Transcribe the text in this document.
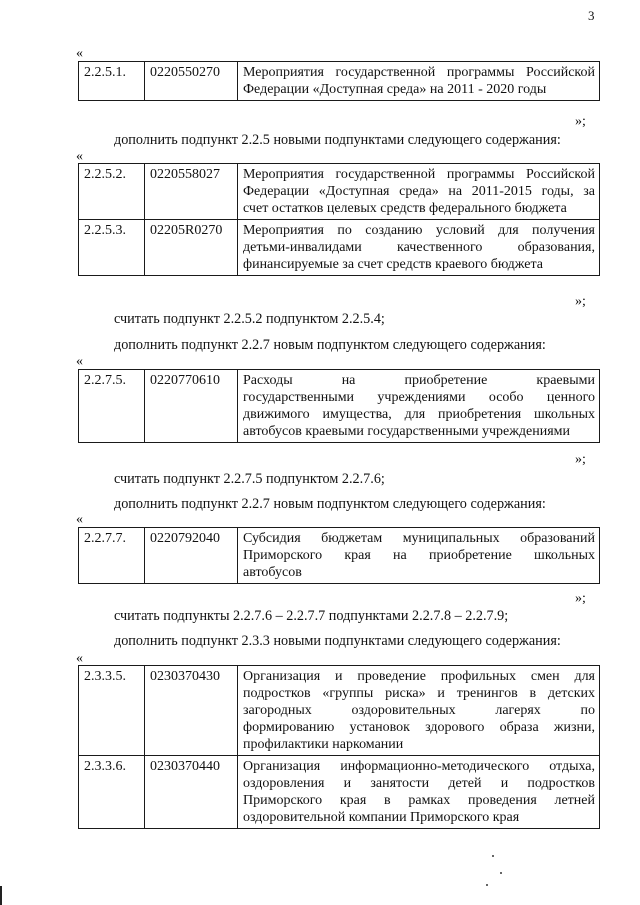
3
«
2.2.5.1.	0220550270	Мероприятия государственной программы Российской
Федерации «Доступная среда» на 2011 - 2020 годы
»;
дополнить подпункт 2.2.5 новыми подпунктами следующего содержания:
«
2.2.5.2.	0220558027	Мероприятия государственной программы Российской
Федерации «Доступная среда» на 2011-2015 годы, за
счет остатков целевых средств федерального бюджета

2.2.5.3.	02205R0270	Мероприятия по созданию условий для получения
детьми-инвалидами качественного образования,
финансируемые за счет средств краевого бюджета
»;
считать подпункт 2.2.5.2 подпунктом 2.2.5.4;
дополнить подпункт 2.2.7 новым подпунктом следующего содержания:
«
2.2.7.5.	0220770610	Расходы на приобретение краевыми
государственными учреждениями особо ценного
движимого имущества, для приобретения школьных
автобусов краевыми государственными учреждениями
»;
считать подпункт 2.2.7.5 подпунктом 2.2.7.6;
дополнить подпункт 2.2.7 новым подпунктом следующего содержания:
«
2.2.7.7.	0220792040	Субсидия бюджетам муниципальных образований
Приморского края на приобретение школьных
автобусов
»;
считать подпункты 2.2.7.6 – 2.2.7.7 подпунктами 2.2.7.8 – 2.2.7.9;
дополнить подпункт 2.3.3 новыми подпунктами следующего содержания:
«
2.3.3.5.	0230370430	Организация и проведение профильных смен для
подростков «группы риска» и тренингов в детских
загородных оздоровительных лагерях по
формированию установок здорового образа жизни,
профилактики наркомании

2.3.3.6.	0230370440	Организация информационно-методического отдыха,
оздоровления и занятости детей и подростков
Приморского края в рамках проведения летней
оздоровительной компании Приморского края
